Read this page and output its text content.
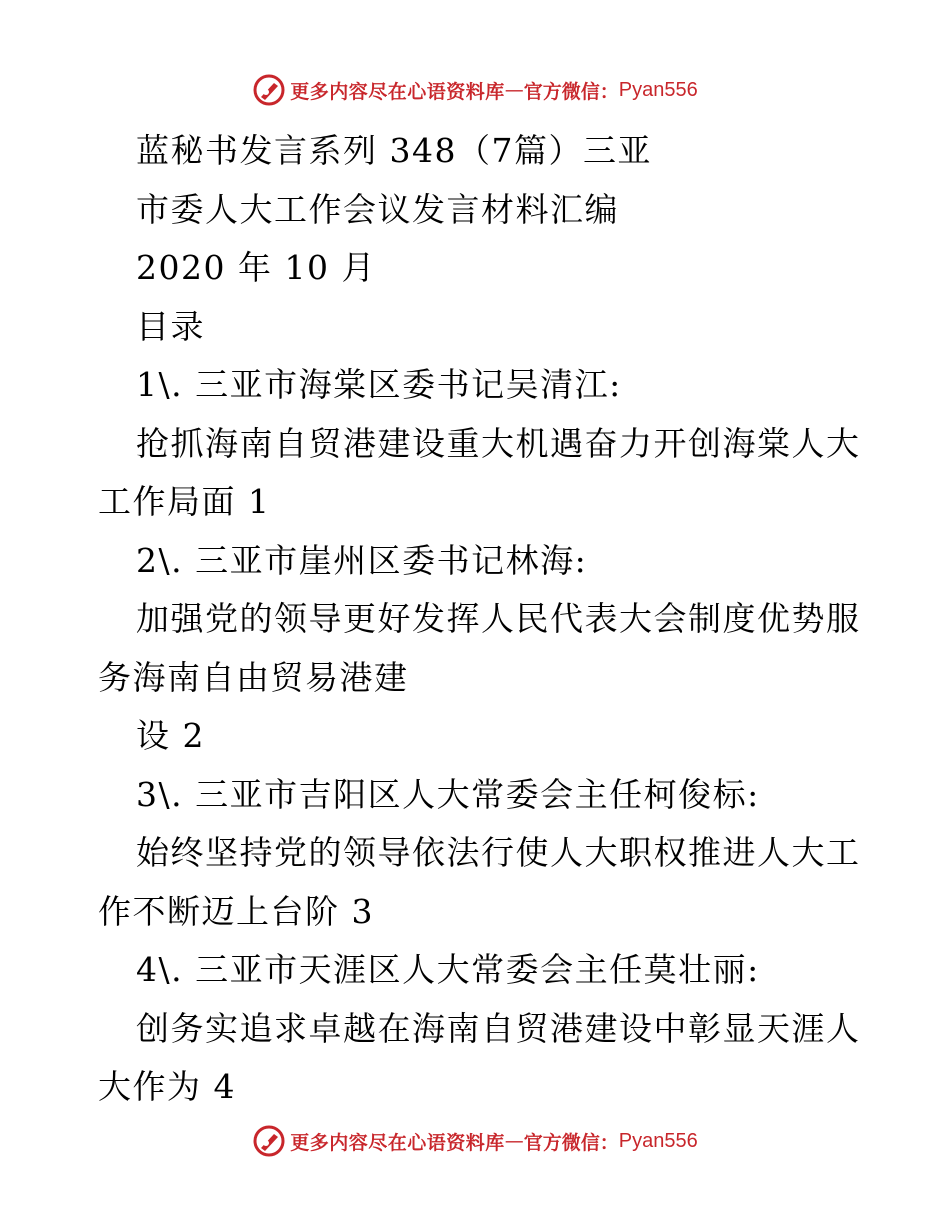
更多内容尽在心语资料库 — 官方微信： Pyan556
蓝秘书发言系列 348（7篇）三亚
市委人大工作会议发言材料汇编
2020 年 10 月
目录
1\. 三亚市海棠区委书记吴清江:
抢抓海南自贸港建设重大机遇奋力开创海棠人大
工作局面 1
2\. 三亚市崖州区委书记林海:
加强党的领导更好发挥人民代表大会制度优势服
务海南自由贸易港建
设 2
3\. 三亚市吉阳区人大常委会主任柯俊标:
始终坚持党的领导依法行使人大职权推进人大工
作不断迈上台阶 3
4\. 三亚市天涯区人大常委会主任莫壮丽:
创务实追求卓越在海南自贸港建设中彰显天涯人
大作为 4
更多内容尽在心语资料库 — 官方微信： Pyan556
